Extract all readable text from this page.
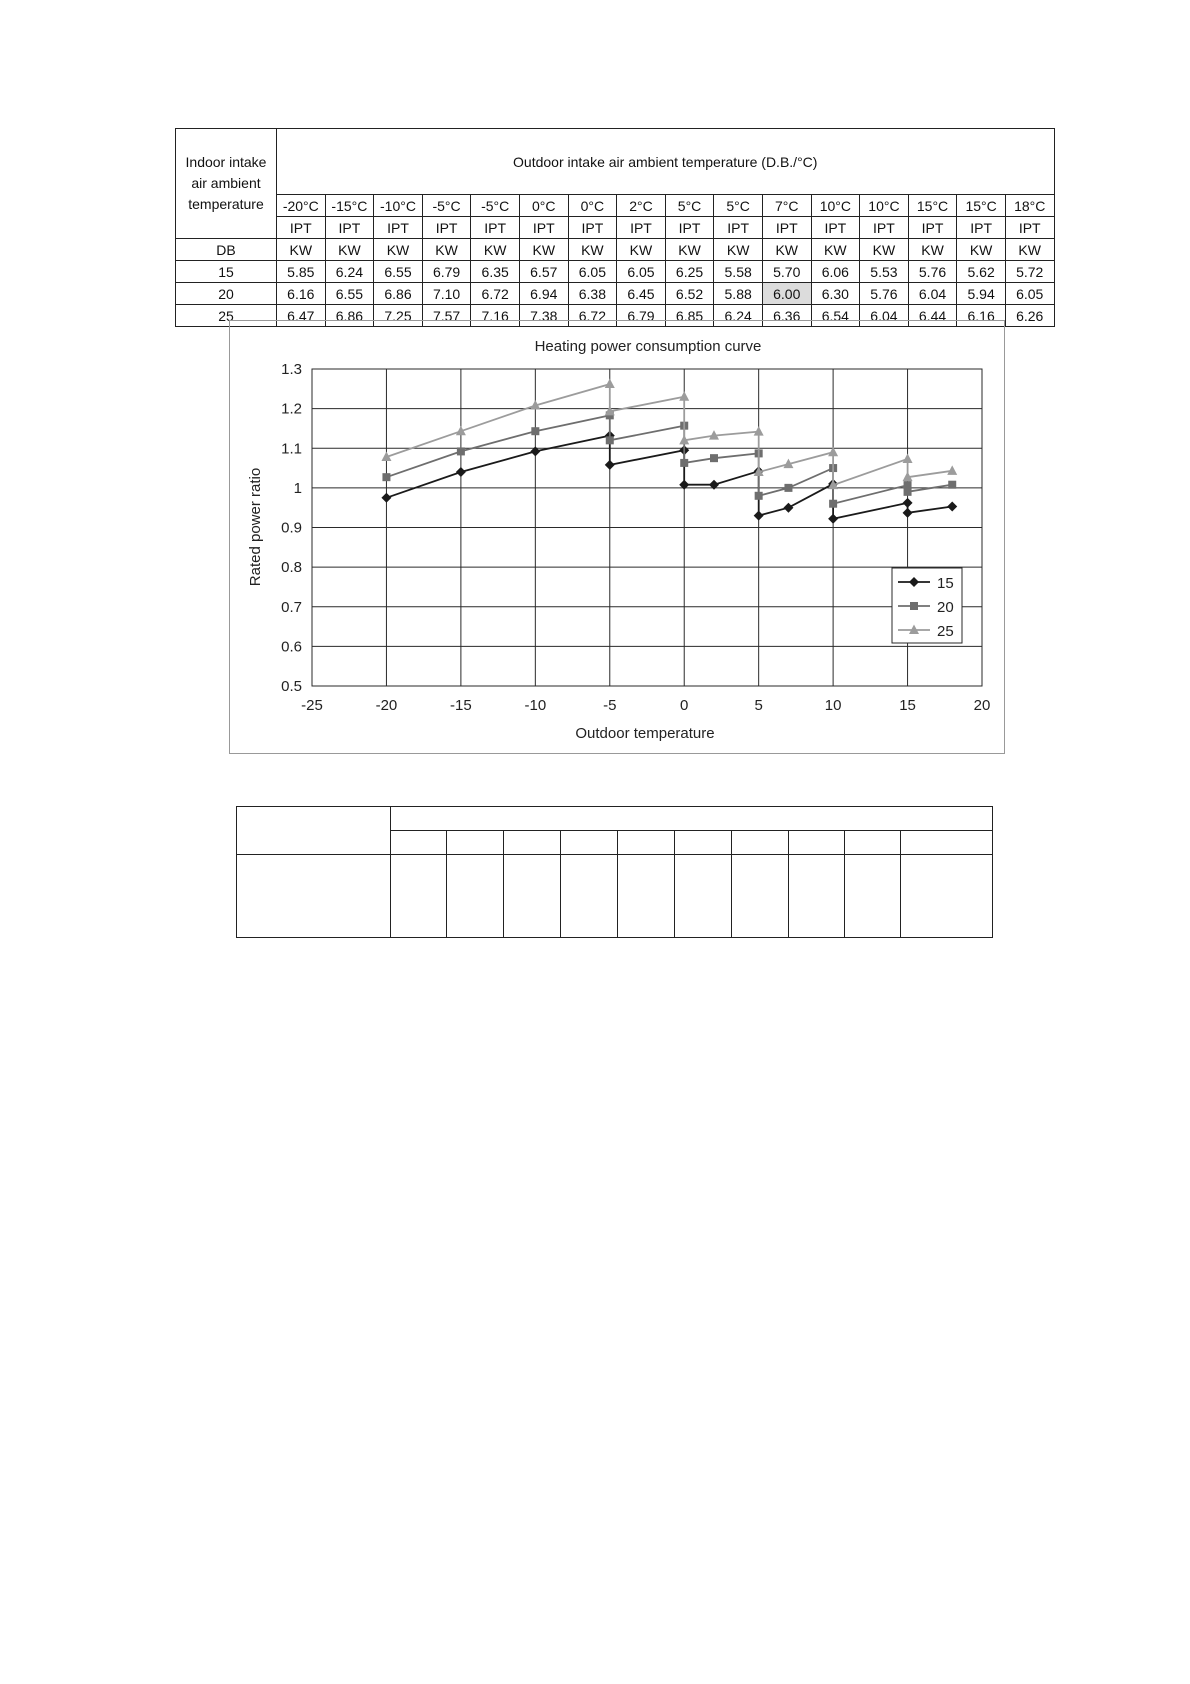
Indoor intake
air ambient
temperature	Outdoor intake air ambient temperature (D.B./°C)															
	-20°C	-15°C	-10°C	-5°C	-5°C	0°C	0°C	2°C	5°C	5°C	7°C	10°C	10°C	15°C	15°C	18°C
	IPT	IPT	IPT	IPT	IPT	IPT	IPT	IPT	IPT	IPT	IPT	IPT	IPT	IPT	IPT	IPT
DB	KW	KW	KW	KW	KW	KW	KW	KW	KW	KW	KW	KW	KW	KW	KW	KW
15	5.85	6.24	6.55	6.79	6.35	6.57	6.05	6.05	6.25	5.58	5.70	6.06	5.53	5.76	5.62	5.72
20	6.16	6.55	6.86	7.10	6.72	6.94	6.38	6.45	6.52	5.88	6.00	6.30	5.76	6.04	5.94	6.05
25	6.47	6.86	7.25	7.57	7.16	7.38	6.72	6.79	6.85	6.24	6.36	6.54	6.04	6.44	6.16	6.26
0.5
0.6
0.7
0.8
0.9
1
1.1
1.2
1.3
-25	-20	-15	-10	-5	0	5	10	15	20
Heating power consumption curve
Outdoor temperature
Rated power ratio	15
20
25
